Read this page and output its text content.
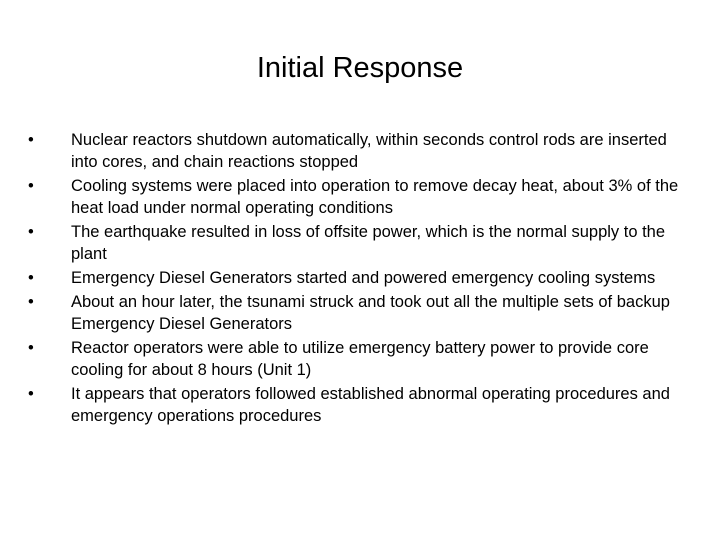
Initial Response
•	Nuclear reactors shutdown automatically, within seconds control rods are inserted into cores, and chain reactions stopped
•	Cooling systems were placed into operation to remove decay heat, about 3% of the heat load under normal operating conditions
•	The earthquake resulted in loss of offsite power, which is the normal supply to the plant
•	Emergency Diesel Generators started and powered emergency cooling systems
•	About an hour later, the tsunami struck and took out all the multiple sets of backup Emergency Diesel Generators
•	Reactor operators were able to utilize emergency battery power to provide core cooling for about 8 hours (Unit 1)
•	It appears that operators followed established abnormal operating procedures and emergency operations procedures
